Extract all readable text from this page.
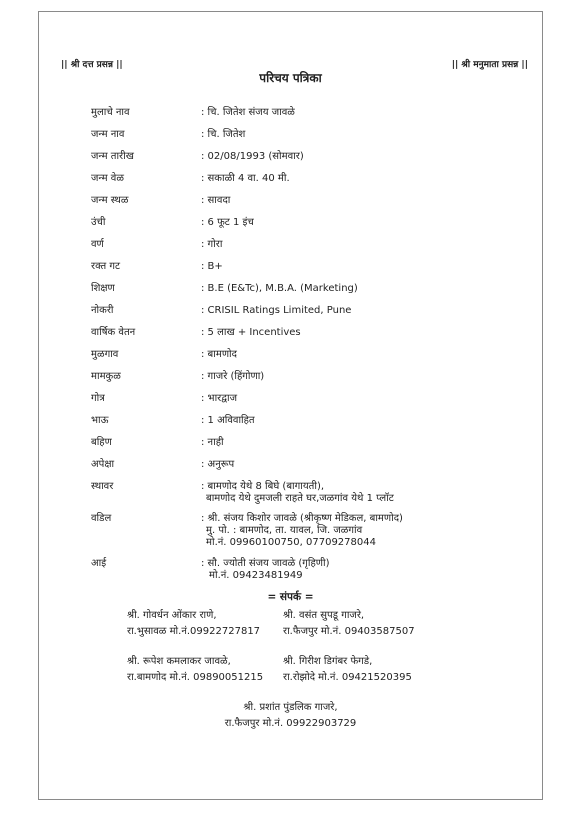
|| श्री दत्त प्रसन्न ||	|| श्री मनुमाता प्रसन्न ||
परिचय पत्रिका
मुलाचे नाव	: चि. जितेश संजय जावळे
जन्म नाव	: चि. जितेश
जन्म तारीख	: 02/08/1993 (सोमवार)
जन्म वेळ	: सकाळी 4 वा. 40 मी.
जन्म स्थळ	: सावदा
उंची	: 6 फूट 1 इंच
वर्ण	: गोरा
रक्त गट	: B+
शिक्षण	: B.E (E&Tc), M.B.A. (Marketing)
नोकरी	: CRISIL Ratings Limited, Pune
वार्षिक वेतन	: 5 लाख + Incentives
मुळगाव	: बामणोद
मामकुळ	: गाजरे (हिंगोणा)
गोत्र	: भारद्वाज
भाऊ	: 1 अविवाहित
बहिण	: नाही
अपेक्षा	: अनुरूप
स्थावर	: बामणोद येथे 8 बिघे (बागायती),
बामणोद येथे दुमजली राहते घर,जळगांव येथे 1 प्लॉट
वडिल	: श्री. संजय किशोर जावळे (श्रीकृष्ण मेडिकल, बामणोद)
मु. पो. : बामणोद, ता. यावल, जि. जळगांव
मो.नं. 09960100750, 07709278044
आई	: सौ. ज्योती संजय जावळे (गृहिणी)
मो.नं. 09423481949
= संपर्क =
श्री. गोवर्धन ओंकार राणे,
रा.भुसावळ मो.नं.09922727817
श्री. वसंत सुपडू गाजरे,
रा.फैजपुर मो.नं. 09403587507
श्री. रूपेश कमलाकर जावळे,
रा.बामणोद मो.नं. 09890051215
श्री. गिरीश डिगंबर फेगडे,
रा.रोझोदे मो.नं. 09421520395
श्री. प्रशांत पुंडलिक गाजरे,
रा.फैजपुर मो.नं. 09922903729
